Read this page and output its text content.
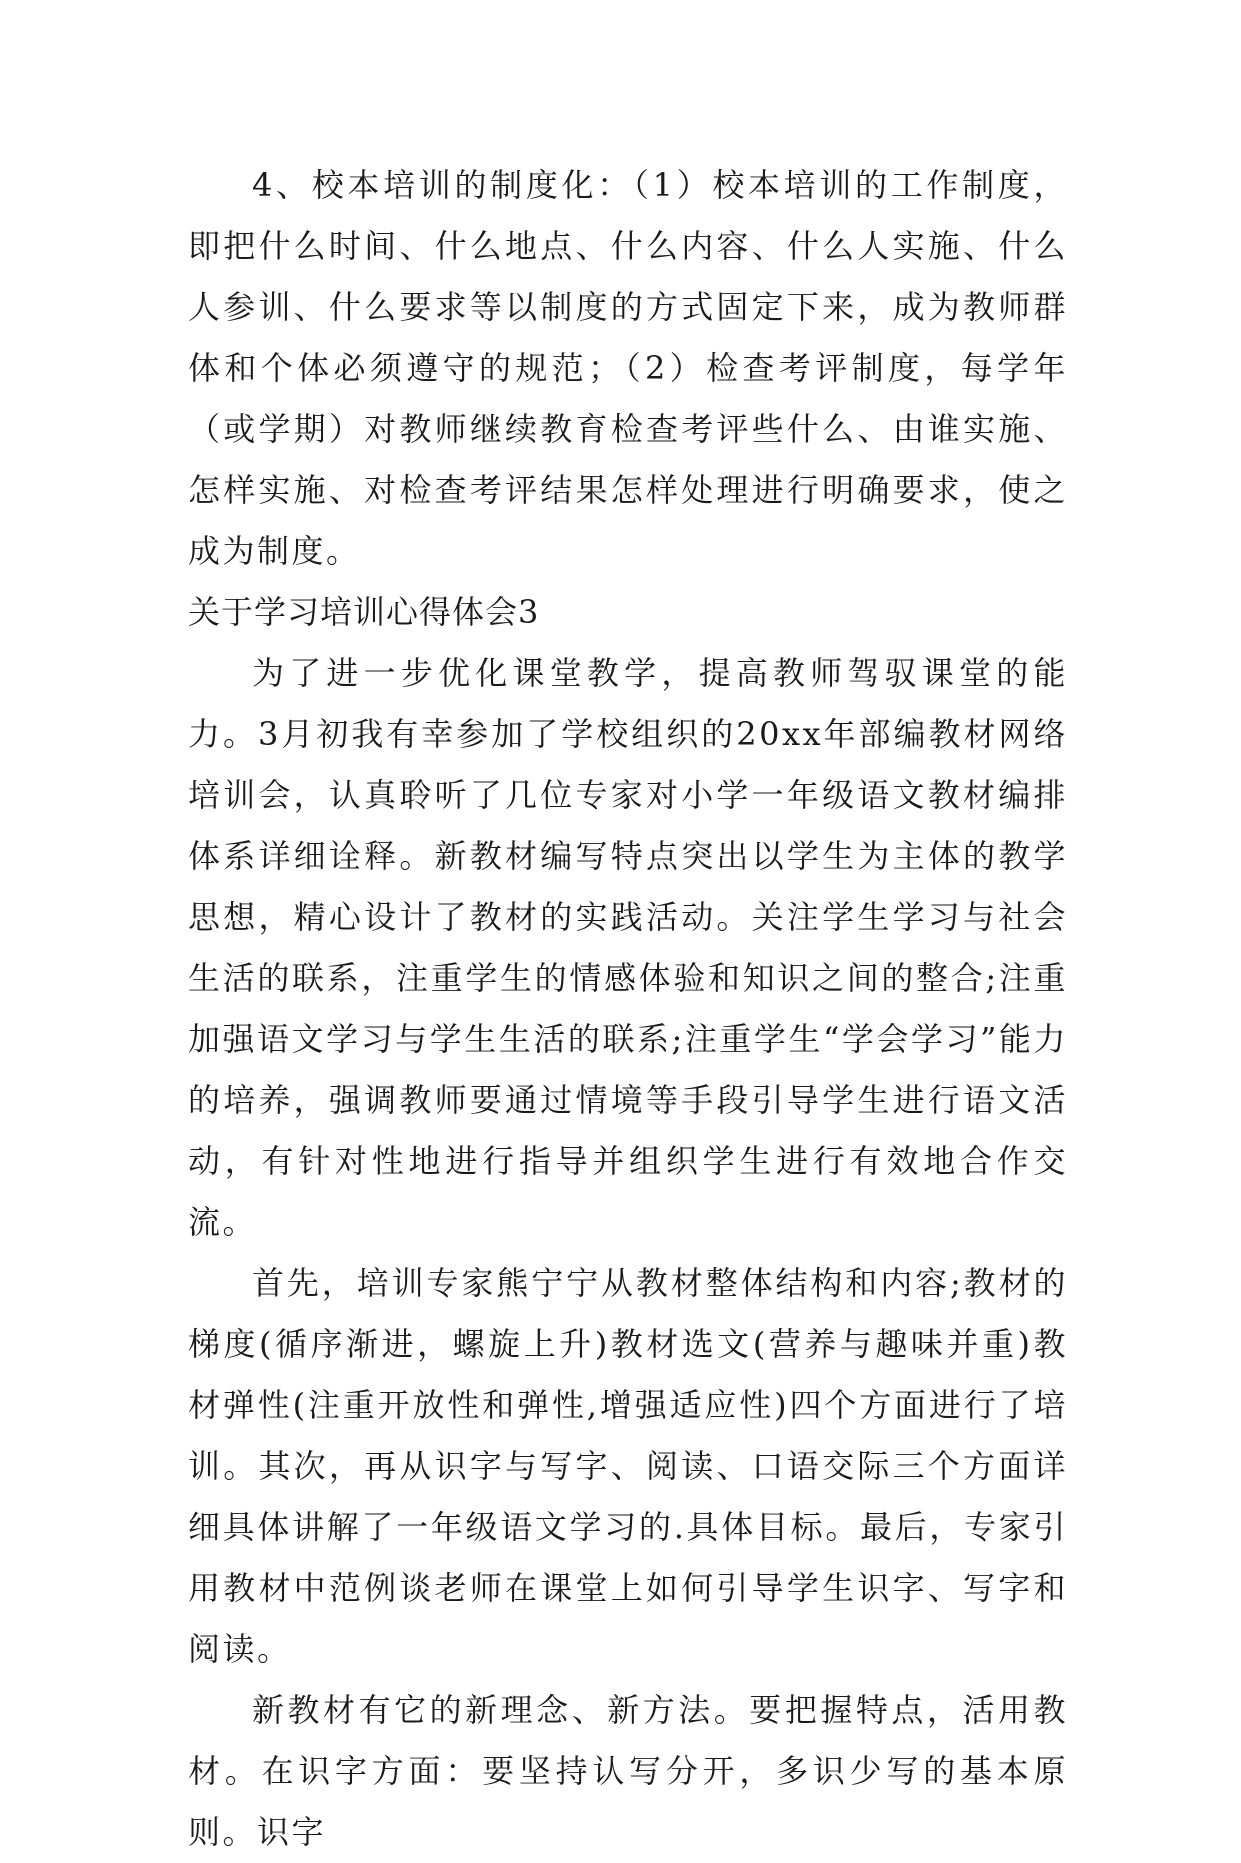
4、校本培训的制度化：（1）校本培训的工作制度，即把什么时间、什么地点、什么内容、什么人实施、什么人参训、什么要求等以制度的方式固定下来，成为教师群体和个体必须遵守的规范；（2）检查考评制度，每学年（或学期）对教师继续教育检查考评些什么、由谁实施、怎样实施、对检查考评结果怎样处理进行明确要求，使之成为制度。

关于学习培训心得体会3

为了进一步优化课堂教学，提高教师驾驭课堂的能力。3月初我有幸参加了学校组织的20xx年部编教材网络培训会，认真聆听了几位专家对小学一年级语文教材编排体系详细诠释。新教材编写特点突出以学生为主体的教学思想，精心设计了教材的实践活动。关注学生学习与社会生活的联系，注重学生的情感体验和知识之间的整合;注重加强语文学习与学生生活的联系;注重学生“学会学习”能力的培养，强调教师要通过情境等手段引导学生进行语文活动，有针对性地进行指导并组织学生进行有效地合作交流。

首先，培训专家熊宁宁从教材整体结构和内容;教材的梯度(循序渐进，螺旋上升)教材选文(营养与趣味并重)教材弹性(注重开放性和弹性,增强适应性)四个方面进行了培训。其次，再从识字与写字、阅读、口语交际三个方面详细具体讲解了一年级语文学习的.具体目标。最后，专家引用教材中范例谈老师在课堂上如何引导学生识字、写字和阅读。

新教材有它的新理念、新方法。要把握特点，活用教材。在识字方面：要坚持认写分开，多识少写的基本原则。识字
